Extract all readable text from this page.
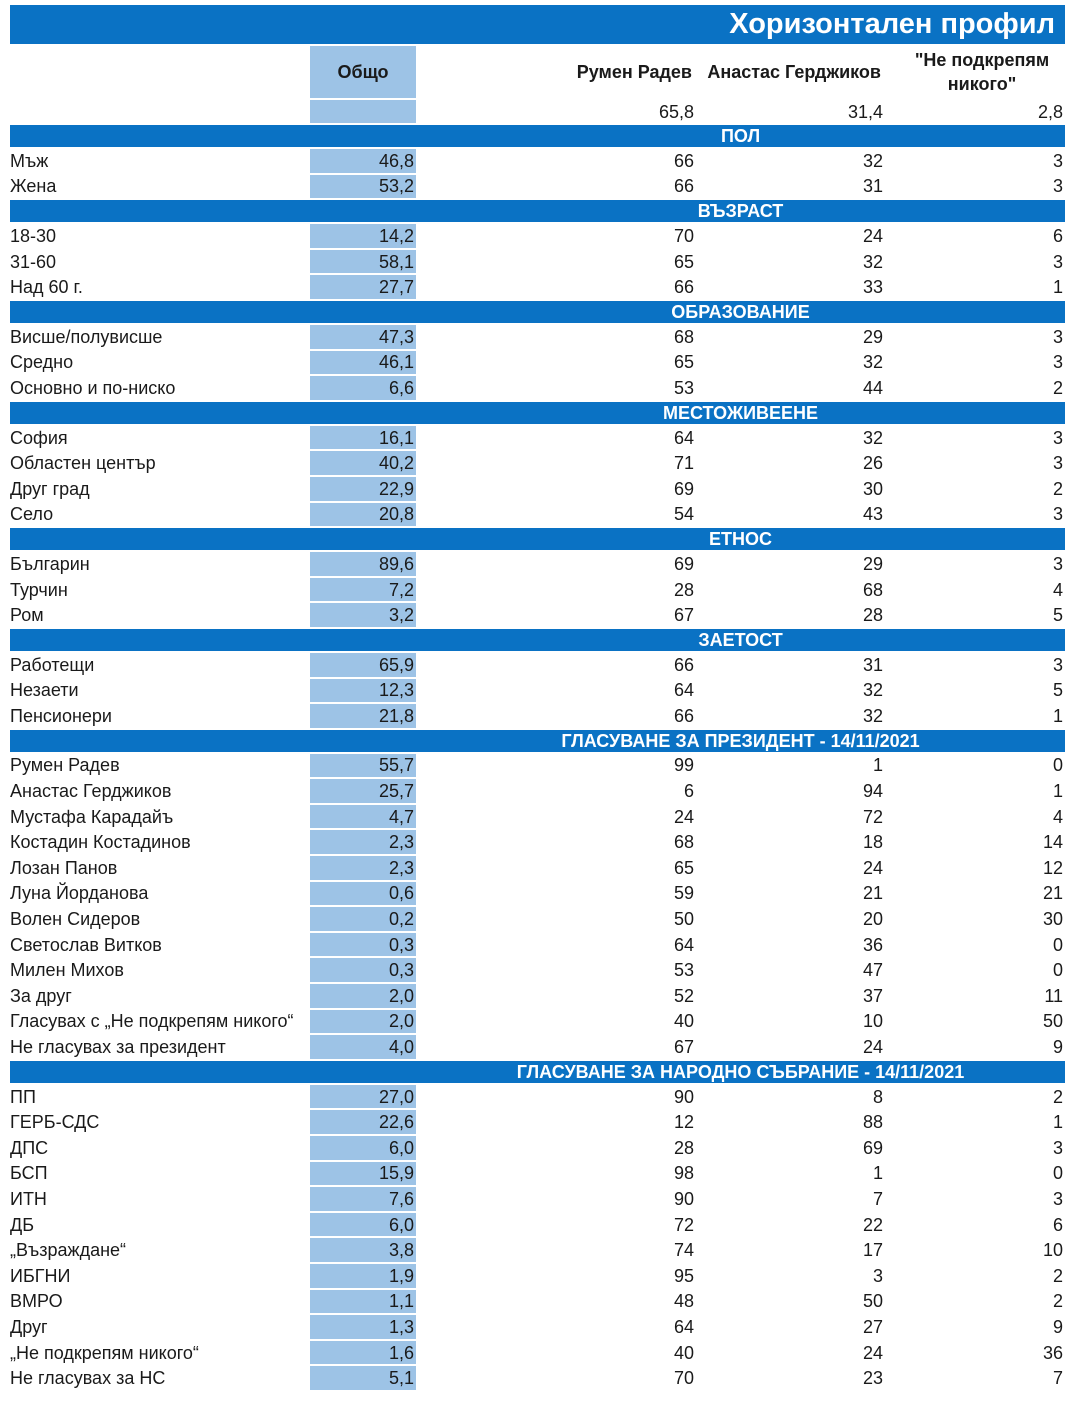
		Хоризонтален профил		
	Общо	Румен Радев	Анастас Герджиков	"Не подкрепям никого"
		65,8	31,4	2,8
		ПОЛ		
Мъж	46,8	66	32	3
Жена	53,2	66	31	3
		ВЪЗРАСТ		
18-30	14,2	70	24	6
31-60	58,1	65	32	3
Над 60 г.	27,7	66	33	1
		ОБРАЗОВАНИЕ		
Висше/полувисше	47,3	68	29	3
Средно	46,1	65	32	3
Основно и по-ниско	6,6	53	44	2
		МЕСТОЖИВЕЕНЕ		
София	16,1	64	32	3
Областен център	40,2	71	26	3
Друг град	22,9	69	30	2
Село	20,8	54	43	3
		ЕТНОС		
Българин	89,6	69	29	3
Турчин	7,2	28	68	4
Ром	3,2	67	28	5
		ЗАЕТОСТ		
Работещи	65,9	66	31	3
Незаети	12,3	64	32	5
Пенсионери	21,8	66	32	1
		ГЛАСУВАНЕ ЗА ПРЕЗИДЕНТ - 14/11/2021		
Румен Радев	55,7	99	1	0
Анастас Герджиков	25,7	6	94	1
Мустафа Карадайъ	4,7	24	72	4
Костадин Костадинов	2,3	68	18	14
Лозан Панов	2,3	65	24	12
Луна Йорданова	0,6	59	21	21
Волен Сидеров	0,2	50	20	30
Светослав Витков	0,3	64	36	0
Милен Михов	0,3	53	47	0
За друг	2,0	52	37	11
Гласувах с „Не подкрепям никого“	2,0	40	10	50
Не гласувах за президент	4,0	67	24	9
		ГЛАСУВАНЕ ЗА НАРОДНО СЪБРАНИЕ - 14/11/2021		
ПП	27,0	90	8	2
ГЕРБ-СДС	22,6	12	88	1
ДПС	6,0	28	69	3
БСП	15,9	98	1	0
ИТН	7,6	90	7	3
ДБ	6,0	72	22	6
„Възраждане“	3,8	74	17	10
ИБГНИ	1,9	95	3	2
ВМРО	1,1	48	50	2
Друг	1,3	64	27	9
„Не подкрепям никого“	1,6	40	24	36
Не гласувах за НС	5,1	70	23	7
